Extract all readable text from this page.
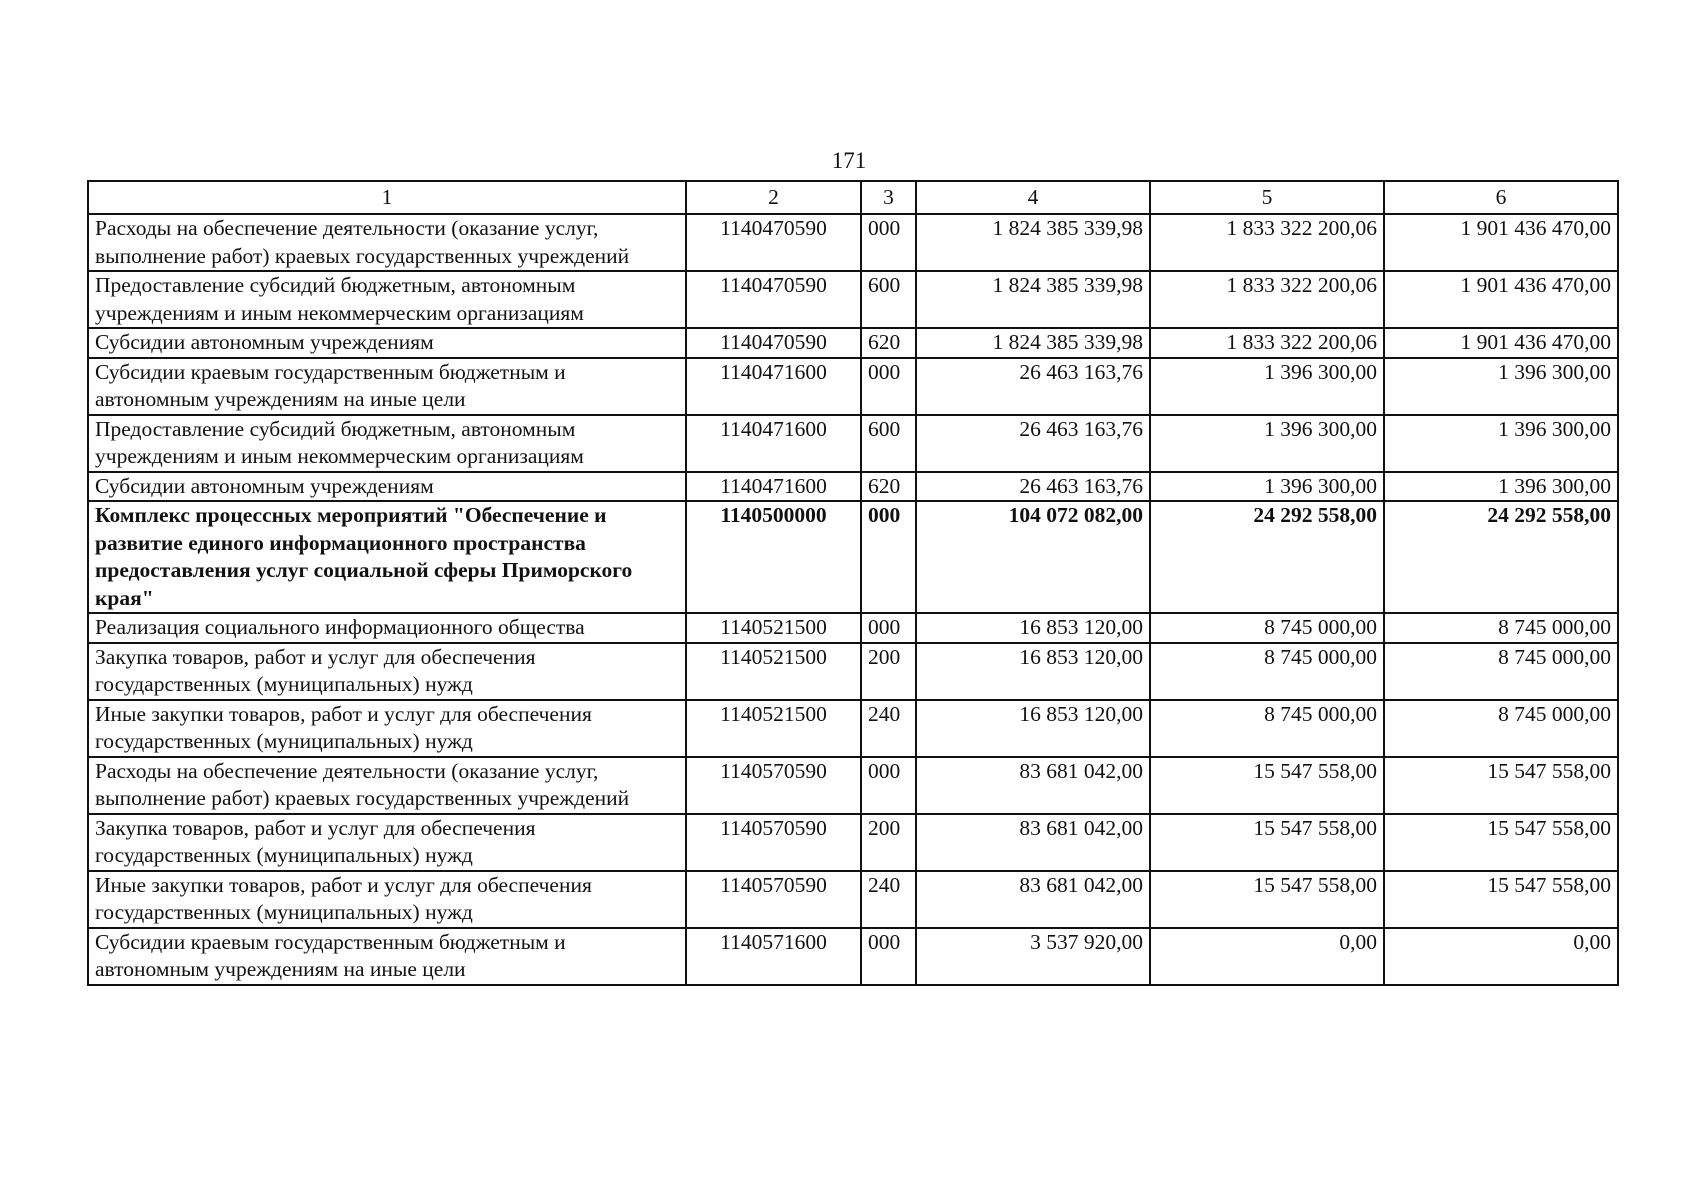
171
1	2	3	4	5	6
Расходы на обеспечение деятельности (оказание услуг, выполнение работ) краевых государственных учреждений	1140470590	000	1 824 385 339,98	1 833 322 200,06	1 901 436 470,00
Предоставление субсидий бюджетным, автономным учреждениям и иным некоммерческим организациям	1140470590	600	1 824 385 339,98	1 833 322 200,06	1 901 436 470,00
Субсидии автономным учреждениям	1140470590	620	1 824 385 339,98	1 833 322 200,06	1 901 436 470,00
Субсидии краевым государственным бюджетным и автономным учреждениям на иные цели	1140471600	000	26 463 163,76	1 396 300,00	1 396 300,00
Предоставление субсидий бюджетным, автономным учреждениям и иным некоммерческим организациям	1140471600	600	26 463 163,76	1 396 300,00	1 396 300,00
Субсидии автономным учреждениям	1140471600	620	26 463 163,76	1 396 300,00	1 396 300,00
Комплекс процессных мероприятий "Обеспечение и развитие единого информационного пространства предоставления услуг социальной сферы Приморского края"	1140500000	000	104 072 082,00	24 292 558,00	24 292 558,00
Реализация социального информационного общества	1140521500	000	16 853 120,00	8 745 000,00	8 745 000,00
Закупка товаров, работ и услуг для обеспечения государственных (муниципальных) нужд	1140521500	200	16 853 120,00	8 745 000,00	8 745 000,00
Иные закупки товаров, работ и услуг для обеспечения государственных (муниципальных) нужд	1140521500	240	16 853 120,00	8 745 000,00	8 745 000,00
Расходы на обеспечение деятельности (оказание услуг, выполнение работ) краевых государственных учреждений	1140570590	000	83 681 042,00	15 547 558,00	15 547 558,00
Закупка товаров, работ и услуг для обеспечения государственных (муниципальных) нужд	1140570590	200	83 681 042,00	15 547 558,00	15 547 558,00
Иные закупки товаров, работ и услуг для обеспечения государственных (муниципальных) нужд	1140570590	240	83 681 042,00	15 547 558,00	15 547 558,00
Субсидии краевым государственным бюджетным и автономным учреждениям на иные цели	1140571600	000	3 537 920,00	0,00	0,00
